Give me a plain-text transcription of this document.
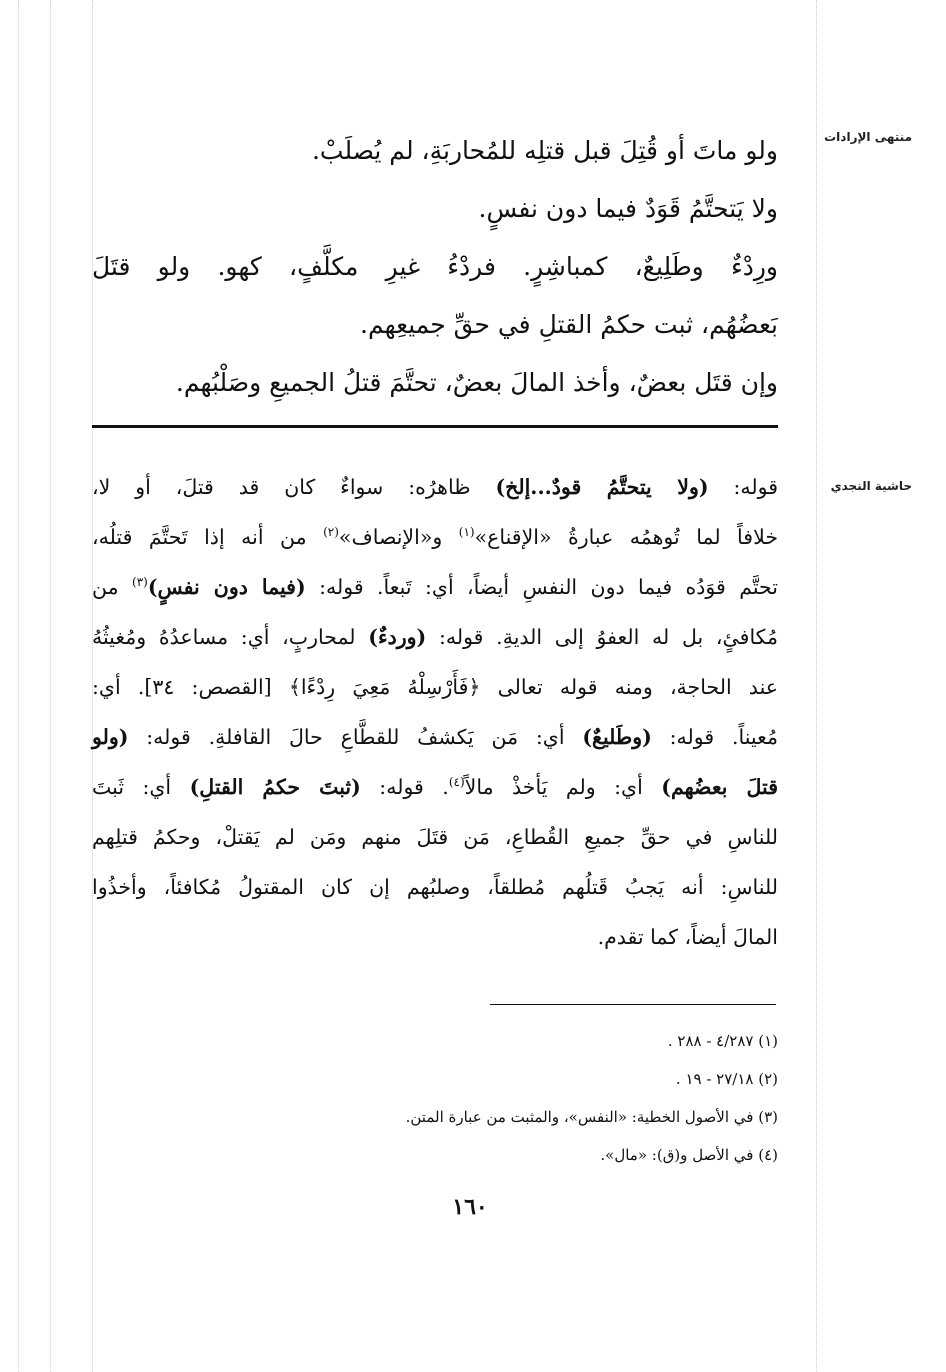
منتهى الإرادات
حاشية النجدي

ولو ماتَ أو قُتِلَ قبل قتلِه للمُحاربَةِ، لم يُصلَبْ.

ولا يَتحتَّمُ قَوَدٌ فيما دون نفسٍ.

ورِدْءٌ وطَلِيعٌ، كمباشِرٍ. فردْءُ غيرِ مكلَّفٍ، كهو. ولو قتَلَ

بَعضُهُم، ثبت حكمُ القتلِ في حقِّ جميعِهم.

وإن قتَل بعضٌ، وأخذ المالَ بعضٌ، تحتَّمَ قتلُ الجميعِ وصَلْبُهم.

قوله: (ولا يتحتَّمُ قودٌ...إلخ) ظاهرُه: سواءٌ كان قد قتلَ، أو لا،

خلافاً لما تُوهمُه عبارةُ «الإقناع»$^{(١)}$ و«الإنصاف»$^{(٢)}$ من أنه إذا تَحتَّمَ قتلُه،

تحتَّم قوَدُه فيما دون النفسِ أيضاً، أي: تَبعاً. قوله: (فيما دون نفسٍ)$^{(٣)}$ من

مُكافئٍ، بل له العفوُ إلى الديةِ. قوله: (وردءٌ) لمحاربٍ، أي: مساعدُهُ ومُغيثُهُ

عند الحاجة، ومنه قوله تعالى ﴿فَأَرْسِلْهُ مَعِيَ رِدْءًا﴾ [القصص: ٣٤]. أي:

مُعيناً. قوله: (وطَليعٌ) أي: مَن يَكشفُ للقطَّاعِ حالَ القافلةِ. قوله: (ولو

قتلَ بعضُهم) أي: ولم يَأخذْ مالاً$^{(٤)}$. قوله: (ثبتَ حكمُ القتلِ) أي: ثَبتَ

للناسِ في حقِّ جميعِ القُطاعِ، مَن قتَلَ منهم ومَن لم يَقتلْ، وحكمُ قتلِهم

للناسِ: أنه يَجبُ قَتلُهم مُطلقاً، وصلبُهم إن كان المقتولُ مُكافئاً، وأخذُوا

المالَ أيضاً، كما تقدم.

(١) ٤/٢٨٧ - ٢٨٨ .

(٢) ٢٧/١٨ - ١٩ .

(٣) في الأصول الخطية: «النفس»، والمثبت من عبارة المتن.

(٤) في الأصل و(ق): «مال».

١٦٠
